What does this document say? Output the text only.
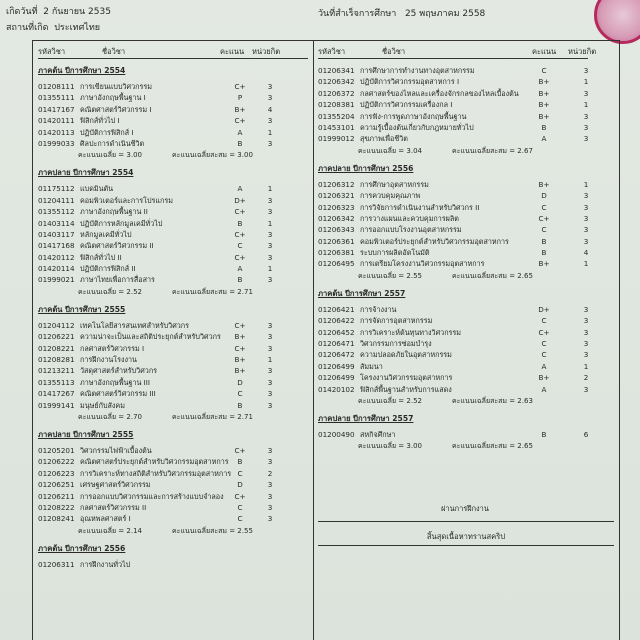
เกิดวันที่ 2 กันยายน 2535
สถานที่เกิด ประเทศไทย
วันที่สำเร็จการศึกษา 25 พฤษภาคม 2558
รหัสวิชา	ชื่อวิชา	คะแนน หน่วยกิต
ภาคต้น ปีการศึกษา 2554
01208111 การเขียนแบบวิศวกรรม	C+	3
01355111 ภาษาอังกฤษพื้นฐาน I	P	3
01417167 คณิตศาสตร์วิศวกรรม I	B+	4
01420111 ฟิสิกส์ทั่วไป I	C+	3
01420113 ปฏิบัติการฟิสิกส์ I	A	1
01999033 ศิลปะการดำเนินชีวิต	B	3
คะแนนเฉลี่ย = 3.00	คะแนนเฉลี่ยสะสม = 3.00
ภาคปลาย ปีการศึกษา 2554
01175112 แบดมินตัน	A	1
01204111 คอมพิวเตอร์และการโปรแกรม	D+	3
01355112 ภาษาอังกฤษพื้นฐาน II	C+	3
01403114 ปฏิบัติการหลักมูลเคมีทั่วไป	B	1
01403117 หลักมูลเคมีทั่วไป	C+	3
01417168 คณิตศาสตร์วิศวกรรม II	C	3
01420112 ฟิสิกส์ทั่วไป II	C+	3
01420114 ปฏิบัติการฟิสิกส์ II	A	1
01999021 ภาษาไทยเพื่อการสื่อสาร	B	3
คะแนนเฉลี่ย = 2.52	คะแนนเฉลี่ยสะสม = 2.71
ภาคต้น ปีการศึกษา 2555
01204112 เทคโนโลยีสารสนเทศสำหรับวิศวกร	C+	3
01206221 ความน่าจะเป็นและสถิติประยุกต์สำหรับวิศวกร	B+	3
01208221 กลศาสตร์วิศวกรรม I	C+	3
01208281 การฝึกงานโรงงาน	B+	1
01213211 วัสดุศาสตร์สำหรับวิศวกร	B+	3
01355113 ภาษาอังกฤษพื้นฐาน III	D	3
01417267 คณิตศาสตร์วิศวกรรม III	C	3
01999141 มนุษย์กับสังคม	B	3
คะแนนเฉลี่ย = 2.70	คะแนนเฉลี่ยสะสม = 2.71
ภาคปลาย ปีการศึกษา 2555
01205201 วิศวกรรมไฟฟ้าเบื้องต้น	C+	3
01206222 คณิตศาสตร์ประยุกต์สำหรับวิศวกรรมอุตสาหการ	B	3
01206223 การวิเคราะห์ทางสถิติสำหรับวิศวกรรมอุตสาหการ C	2
01206251 เศรษฐศาสตร์วิศวกรรม	D	3
01206211 การออกแบบวิศวกรรมและการสร้างแบบจำลอง	C+	3
01208222 กลศาสตร์วิศวกรรม II	C	3
01208241 อุณหพลศาสตร์ I	C	3
คะแนนเฉลี่ย = 2.14	คะแนนเฉลี่ยสะสม = 2.55
ภาคต้น ปีการศึกษา 2556
01206311 การฝึกงานทั่วไป
รหัสวิชา	ชื่อวิชา	คะแนน หน่วยกิต
01206341 การศึกษาการทำงานทางอุตสาหกรรม	C	3
01206342 ปฏิบัติการวิศวกรรมอุตสาหการ I	B+	1
01206372 กลศาสตร์ของไหลและเครื่องจักรกลของไหลเบื้องต้น	B+	3
01208381 ปฏิบัติการวิศวกรรมเครื่องกล I	B+	1
01355204 การฟัง-การพูดภาษาอังกฤษพื้นฐาน	B+	3
01453101 ความรู้เบื้องต้นเกี่ยวกับกฎหมายทั่วไป	B	3
01999012 สุขภาพเพื่อชีวิต	A	3
คะแนนเฉลี่ย = 3.04	คะแนนเฉลี่ยสะสม = 2.67
ภาคปลาย ปีการศึกษา 2556
01206312 การศึกษาอุตสาหกรรม	B+	1
01206321 การควบคุมคุณภาพ	D	3
01206323 การวิจัยการดำเนินงานสำหรับวิศวกร II	C	3
01206342 การวางแผนและควบคุมการผลิต	C+	3
01206343 การออกแบบโรงงานอุตสาหกรรม	C	3
01206361 คอมพิวเตอร์ประยุกต์สำหรับวิศวกรรมอุตสาหการ	B	3
01206381 ระบบการผลิตอัตโนมัติ	B	4
01206495 การเตรียมโครงงานวิศวกรรมอุตสาหการ	B+	1
คะแนนเฉลี่ย = 2.55	คะแนนเฉลี่ยสะสม = 2.65
ภาคต้น ปีการศึกษา 2557
01206421 การจ้างงาน	D+	3
01206422 การจัดการอุตสาหกรรม	C	3
01206452 การวิเคราะห์ต้นทุนทางวิศวกรรม	C+	3
01206471 วิศวกรรมการซ่อมบำรุง	C	3
01206472 ความปลอดภัยในอุตสาหกรรม	C	3
01206499 สัมมนา	A	1
01206499 โครงงานวิศวกรรมอุตสาหการ	B+	2
01420102 ฟิสิกส์พื้นฐานสำหรับการแสดง	A	3
คะแนนเฉลี่ย = 2.52	คะแนนเฉลี่ยสะสม = 2.63
ภาคปลาย ปีการศึกษา 2557
01200490 สหกิจศึกษา	B	6
คะแนนเฉลี่ย = 3.00	คะแนนเฉลี่ยสะสม = 2.65
ผ่านการฝึกงาน
สิ้นสุดเนื้อหาทรานสคริป
